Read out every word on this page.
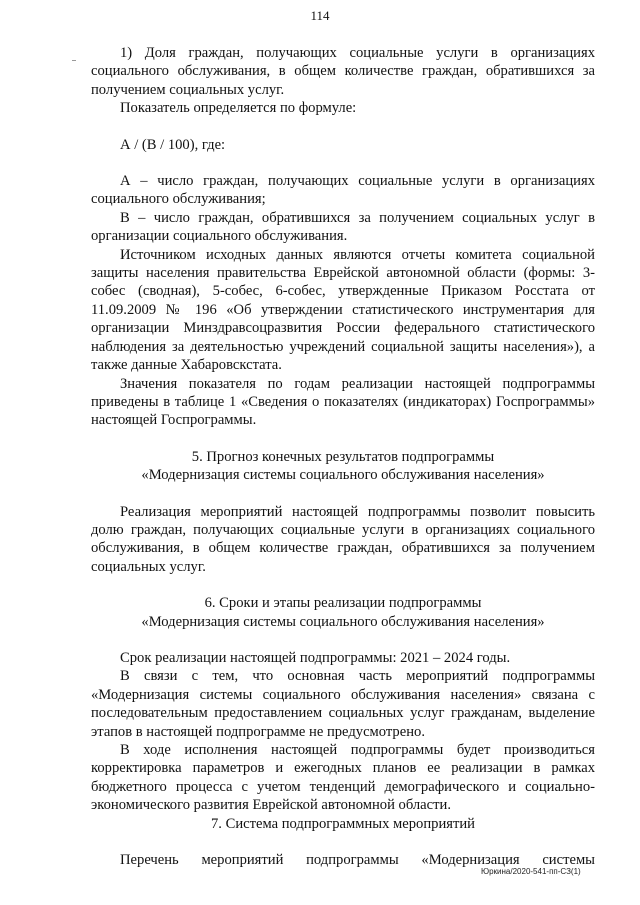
114

1) Доля граждан, получающих социальные услуги в организациях социального обслуживания, в общем количестве граждан, обратившихся за получением социальных услуг.

Показатель определяется по формуле:

А / (В / 100), где:

А – число граждан, получающих социальные услуги в организациях социального обслуживания;

В – число граждан, обратившихся за получением социальных услуг в организации социального обслуживания.

Источником исходных данных являются отчеты комитета социальной защиты населения правительства Еврейской автономной области (формы: 3-собес (сводная), 5-собес, 6-собес, утвержденные Приказом Росстата от 11.09.2009 № 196 «Об утверждении статистического инструментария для организации Минздравсоцразвития России федерального статистического наблюдения за деятельностью учреждений социальной защиты населения»), а также данные Хабаровскстата.

Значения показателя по годам реализации настоящей подпрограммы приведены в таблице 1 «Сведения о показателях (индикаторах) Госпрограммы» настоящей Госпрограммы.

5. Прогноз конечных результатов подпрограммы

«Модернизация системы социального обслуживания населения»

Реализация мероприятий настоящей подпрограммы позволит повысить долю граждан, получающих социальные услуги в организациях социального обслуживания, в общем количестве граждан, обратившихся за получением социальных услуг.

6. Сроки и этапы реализации подпрограммы

«Модернизация системы социального обслуживания населения»

Срок реализации настоящей подпрограммы: 2021 – 2024 годы.

В связи с тем, что основная часть мероприятий подпрограммы «Модернизация системы социального обслуживания населения» связана с последовательным предоставлением социальных услуг гражданам, выделение этапов в настоящей подпрограмме не предусмотрено.

В ходе исполнения настоящей подпрограммы будет производиться корректировка параметров и ежегодных планов ее реализации в рамках бюджетного процесса с учетом тенденций демографического и социально-экономического развития Еврейской автономной области.

7. Система подпрограммных мероприятий

Перечень мероприятий подпрограммы «Модернизация системы

Юркина/2020-541-пп-СЗ(1)
